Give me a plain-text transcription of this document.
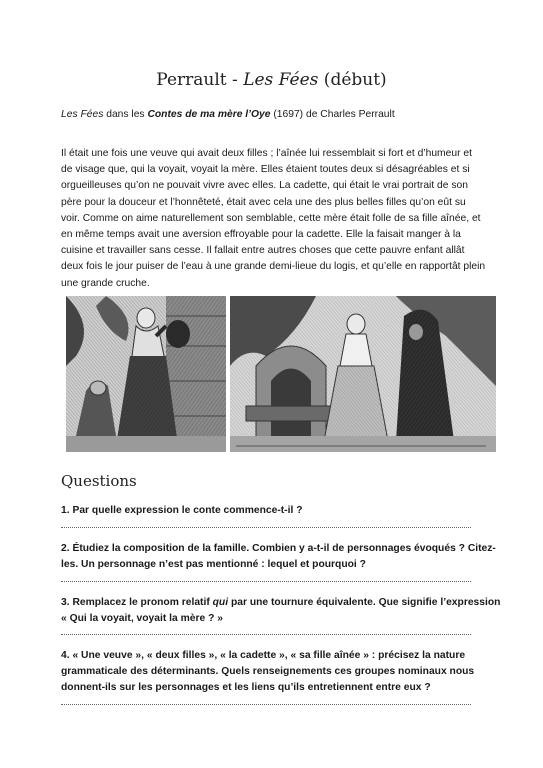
Perrault - Les Fées (début)
Les Fées dans les Contes de ma mère l’Oye (1697) de Charles Perrault
Il était une fois une veuve qui avait deux filles ; l’aînée lui ressemblait si fort et d’humeur et
de visage que, qui la voyait, voyait la mère. Elles étaient toutes deux si désagréables et si
orgueilleuses qu’on ne pouvait vivre avec elles. La cadette, qui était le vrai portrait de son
père pour la douceur et l’honnêteté, était avec cela une des plus belles filles qu’on eût su
voir. Comme on aime naturellement son semblable, cette mère était folle de sa fille aînée, et
en même temps avait une aversion effroyable pour la cadette. Elle la faisait manger à la
cuisine et travailler sans cesse. Il fallait entre autres choses que cette pauvre enfant allât
deux fois le jour puiser de l’eau à une grande demi-lieue du logis, et qu’elle en rapportât plein
une grande cruche.
Questions
1. Par quelle expression le conte commence-t-il ?
2. Étudiez la composition de la famille. Combien y a-t-il de personnages évoqués ? Citez-
les. Un personnage n’est pas mentionné : lequel et pourquoi ?
3. Remplacez le pronom relatif qui par une tournure équivalente. Que signifie l’expression
« Qui la voyait, voyait la mère ? »
4. « Une veuve », « deux filles », « la cadette », « sa fille aînée » : précisez la nature
grammaticale des déterminants. Quels renseignements ces groupes nominaux nous
donnent-ils sur les personnages et les liens qu’ils entretiennent entre eux ?
